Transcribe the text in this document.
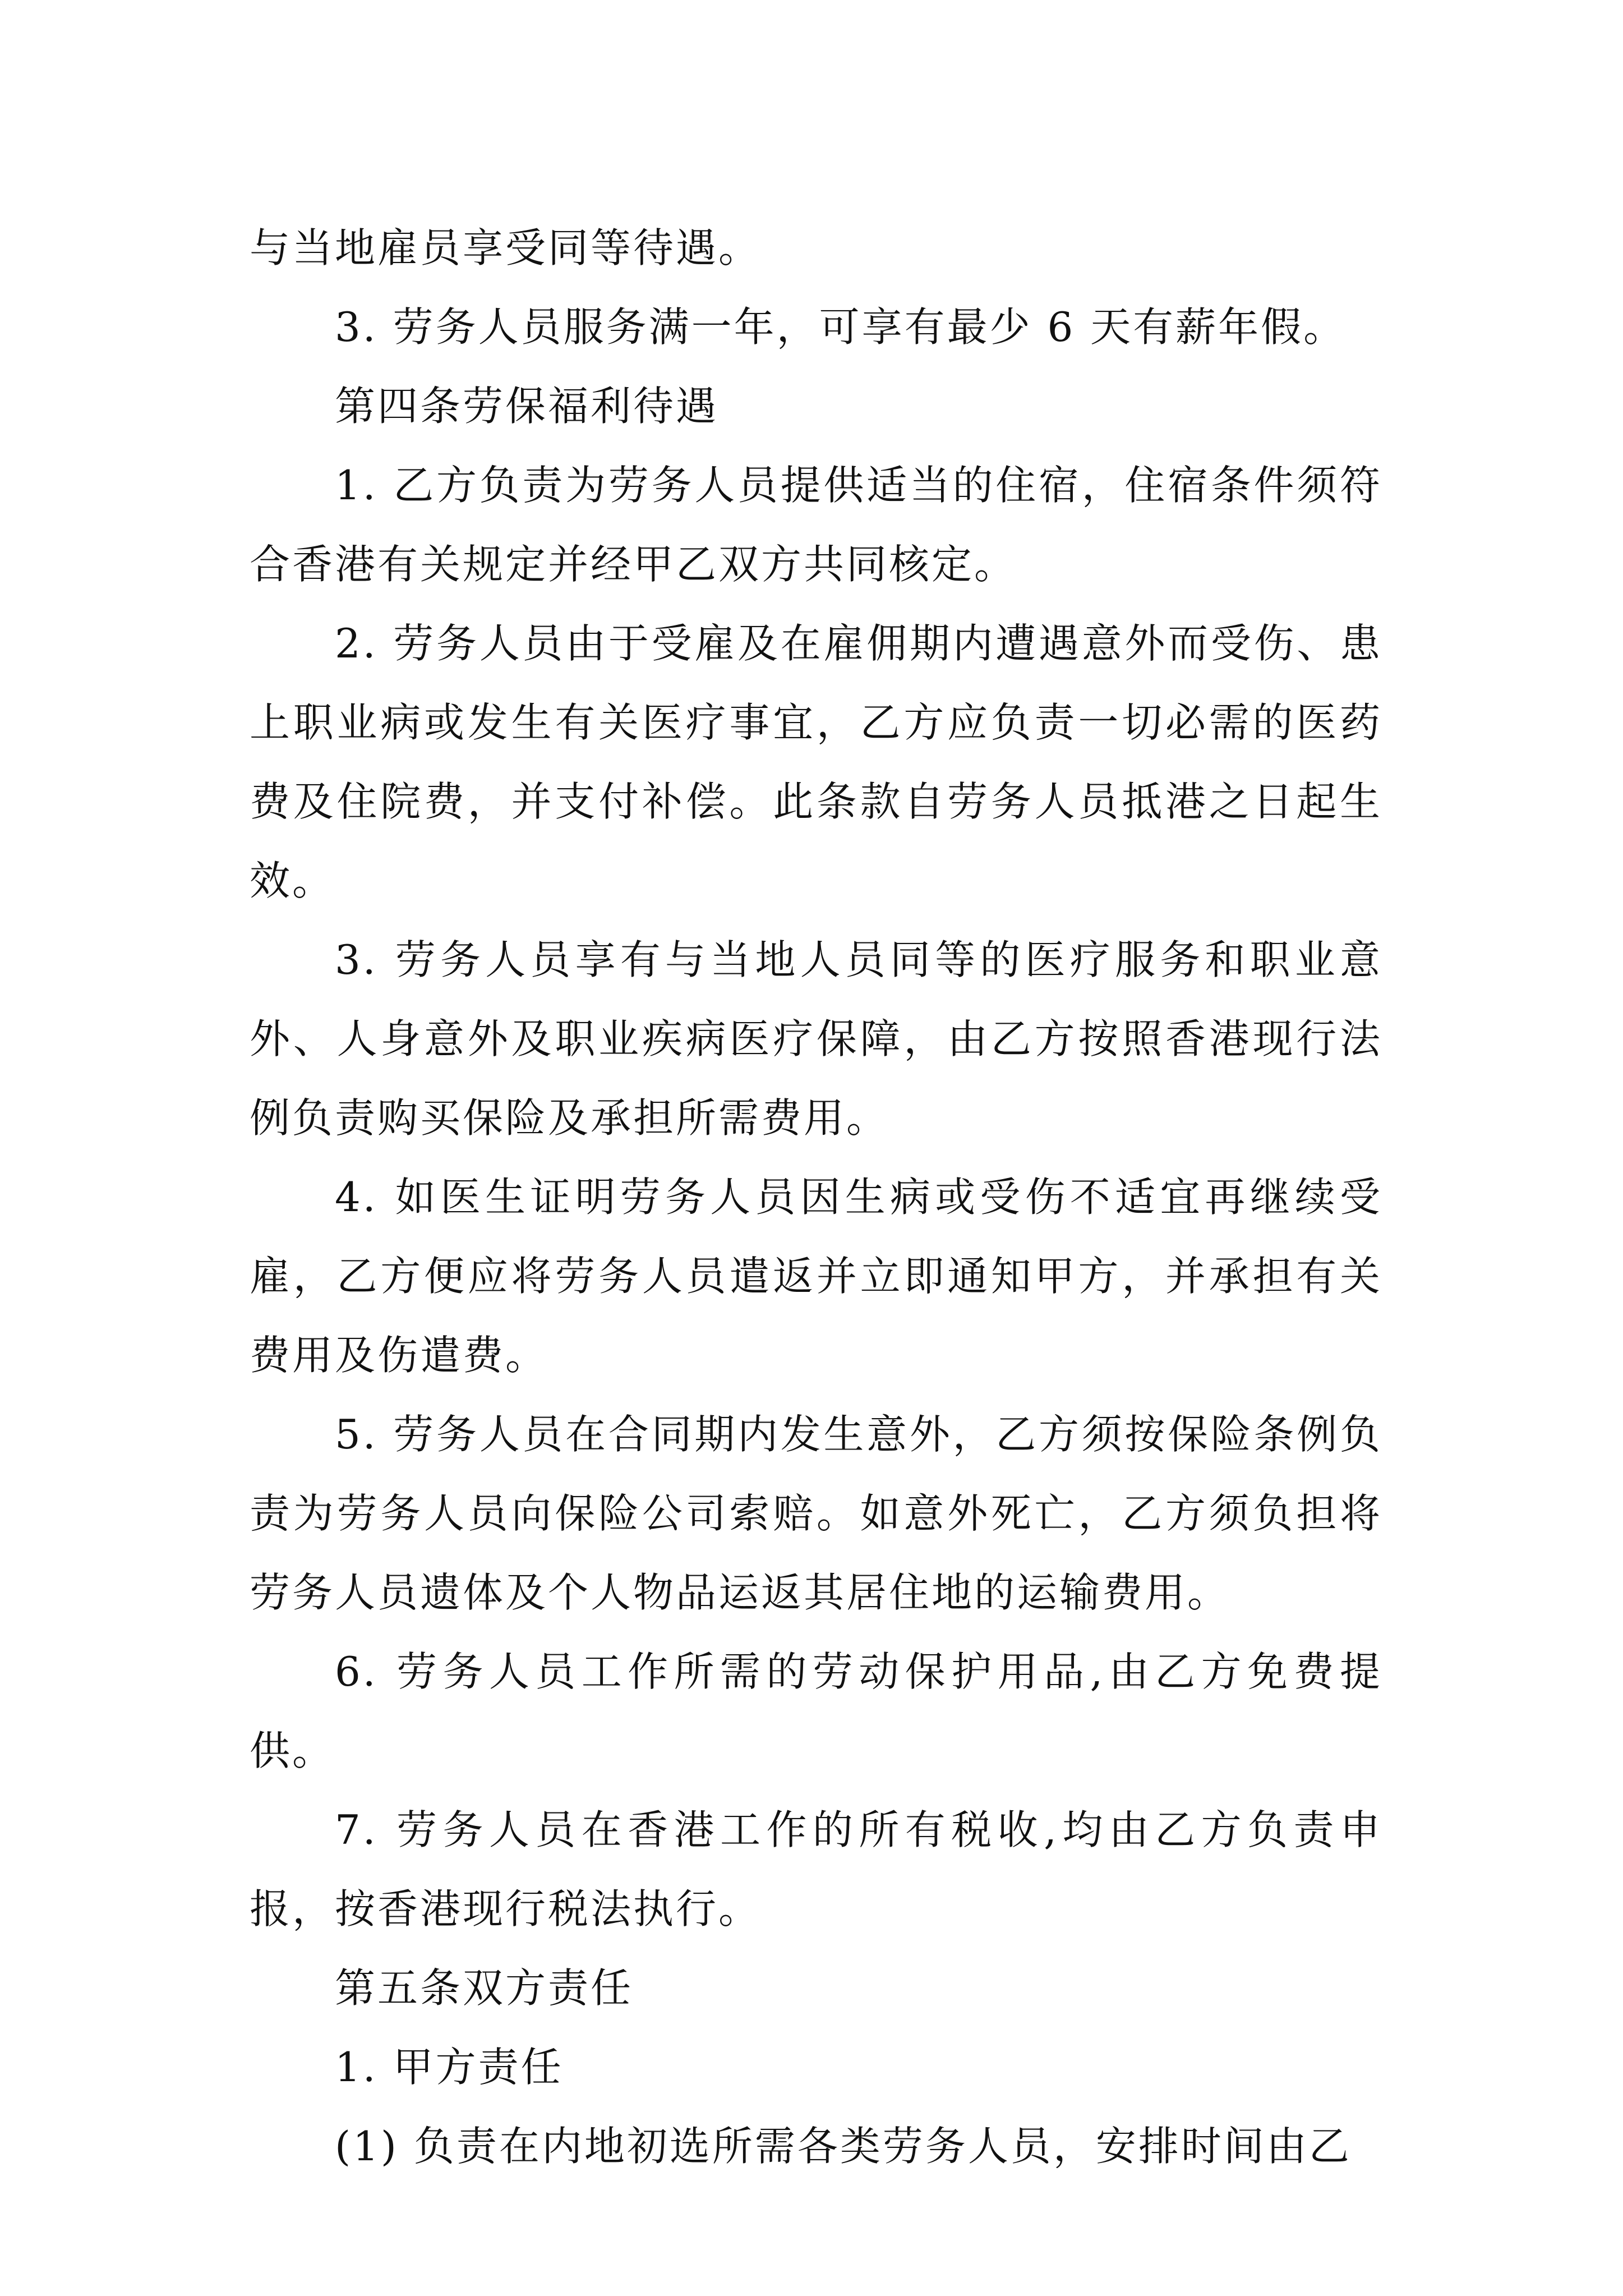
与当地雇员享受同等待遇。

3. 劳务人员服务满一年，可享有最少 6 天有薪年假。

第四条劳保福利待遇

1. 乙方负责为劳务人员提供适当的住宿，住宿条件须符合香港有关规定并经甲乙双方共同核定。

2. 劳务人员由于受雇及在雇佣期内遭遇意外而受伤、患上职业病或发生有关医疗事宜，乙方应负责一切必需的医药费及住院费，并支付补偿。此条款自劳务人员抵港之日起生效。

3. 劳务人员享有与当地人员同等的医疗服务和职业意外、人身意外及职业疾病医疗保障，由乙方按照香港现行法例负责购买保险及承担所需费用。

4. 如医生证明劳务人员因生病或受伤不适宜再继续受雇，乙方便应将劳务人员遣返并立即通知甲方，并承担有关费用及伤遣费。

5. 劳务人员在合同期内发生意外，乙方须按保险条例负责为劳务人员向保险公司索赔。如意外死亡，乙方须负担将劳务人员遗体及个人物品运返其居住地的运输费用。

6. 劳务人员工作所需的劳动保护用品,由乙方免费提供。

7. 劳务人员在香港工作的所有税收,均由乙方负责申报，按香港现行税法执行。

第五条双方责任

1. 甲方责任

(1) 负责在内地初选所需各类劳务人员，安排时间由乙
